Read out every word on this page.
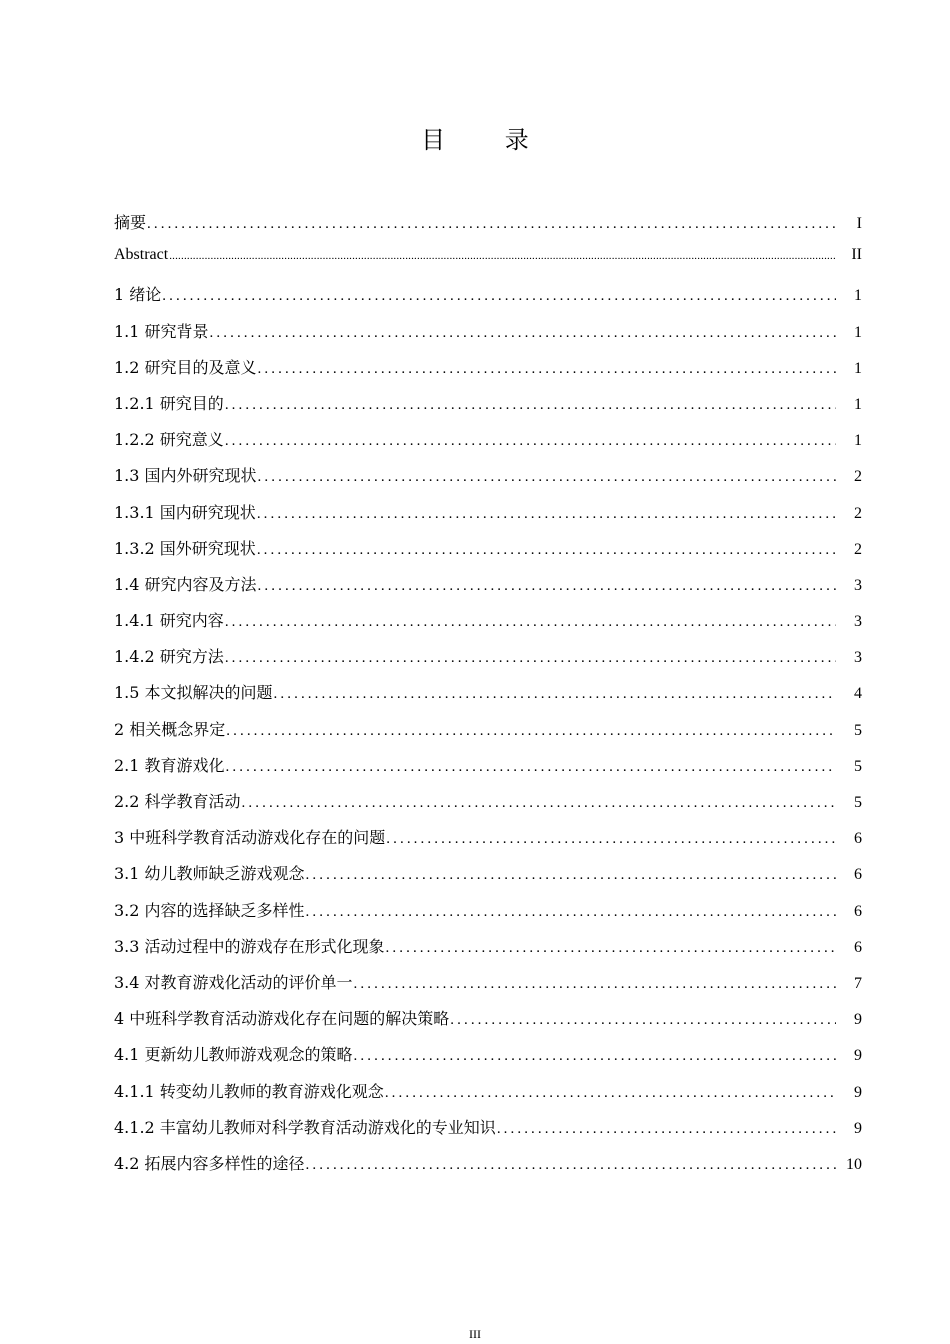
目 录
摘要 .....	I
Abstract .....	II
1 绪论 .....	1
1.1 研究背景 .....	1
1.2 研究目的及意义 .....	1
1.2.1 研究目的 .....	1
1.2.2 研究意义 .....	1
1.3 国内外研究现状 .....	2
1.3.1 国内研究现状 .....	2
1.3.2 国外研究现状 .....	2
1.4 研究内容及方法 .....	3
1.4.1 研究内容 .....	3
1.4.2 研究方法 .....	3
1.5 本文拟解决的问题 .....	4
2 相关概念界定 .....	5
2.1 教育游戏化 .....	5
2.2 科学教育活动 .....	5
3 中班科学教育活动游戏化存在的问题 .....	6
3.1 幼儿教师缺乏游戏观念 .....	6
3.2 内容的选择缺乏多样性 .....	6
3.3 活动过程中的游戏存在形式化现象 .....	6
3.4 对教育游戏化活动的评价单一 .....	7
4 中班科学教育活动游戏化存在问题的解决策略 .....	9
4.1 更新幼儿教师游戏观念的策略 .....	9
4.1.1 转变幼儿教师的教育游戏化观念 .....	9
4.1.2 丰富幼儿教师对科学教育活动游戏化的专业知识 .....	9
4.2 拓展内容多样性的途径 .....	10
III
